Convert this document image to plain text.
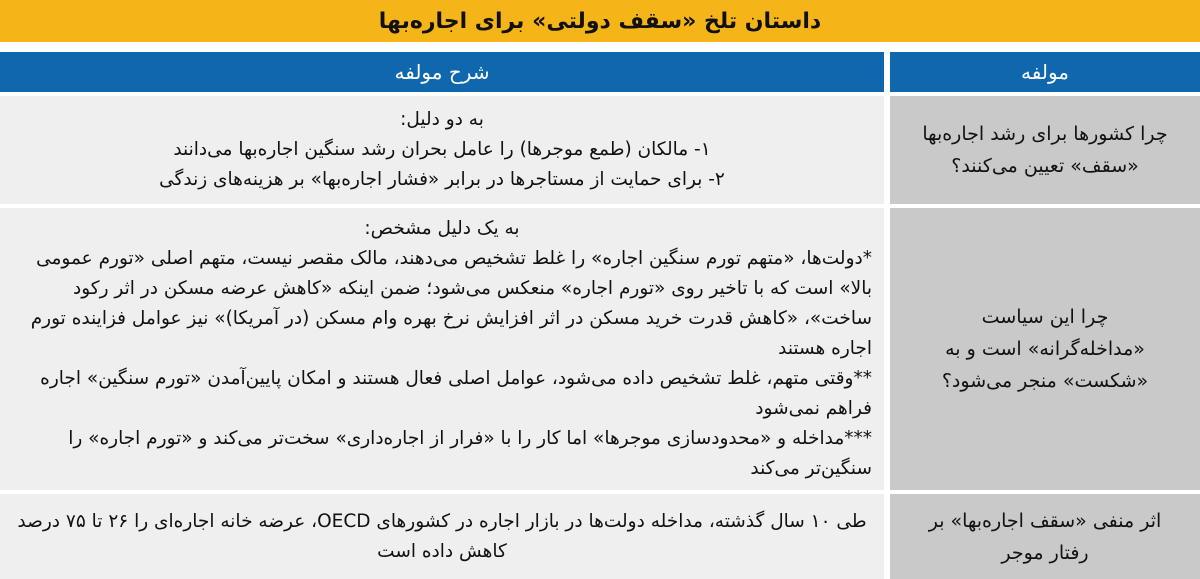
داستان تلخ «سقف دولتی» برای اجاره‌بها
مولفه
شرح مولفه
چرا کشورها برای رشد اجاره‌بها
«سقف» تعیین می‌کنند؟

به دو دلیل:

۱- مالکان (طمع موجرها) را عامل بحران رشد سنگین اجاره‌بها می‌دانند

۲- برای حمایت از مستاجرها در برابر «فشار اجاره‌بها» بر هزینه‌های زندگی

چرا این سیاست
«مداخله‌گرانه» است و به
«شکست» منجر می‌شود؟

به یک دلیل مشخص:

*دولت‌ها، «متهم تورم سنگین اجاره» را غلط تشخیص می‌دهند، مالک مقصر نیست، متهم اصلی «تورم عمومی بالا» است که با تاخیر روی «تورم اجاره» منعکس می‌شود؛ ضمن اینکه «کاهش عرضه مسکن در اثر رکود ساخت»، «کاهش قدرت خرید مسکن در اثر افزایش نرخ بهره وام مسکن (در آمریکا)» نیز عوامل فزاینده تورم اجاره هستند

**وقتی متهم، غلط تشخیص داده می‌شود، عوامل اصلی فعال هستند و امکان پایین‌آمدن «تورم سنگین» اجاره فراهم نمی‌شود

***مداخله و «محدودسازی موجرها» اما کار را با «فرار از اجاره‌داری» سخت‌تر می‌کند و «تورم اجاره» را سنگین‌تر می‌کند

اثر منفی «سقف اجاره‌بها» بر
رفتار موجر

طی ۱۰ سال گذشته، مداخله دولت‌ها در بازار اجاره در کشورهای OECD، عرضه خانه اجاره‌ای را ۲۶ تا ۷۵ درصد کاهش داده است
